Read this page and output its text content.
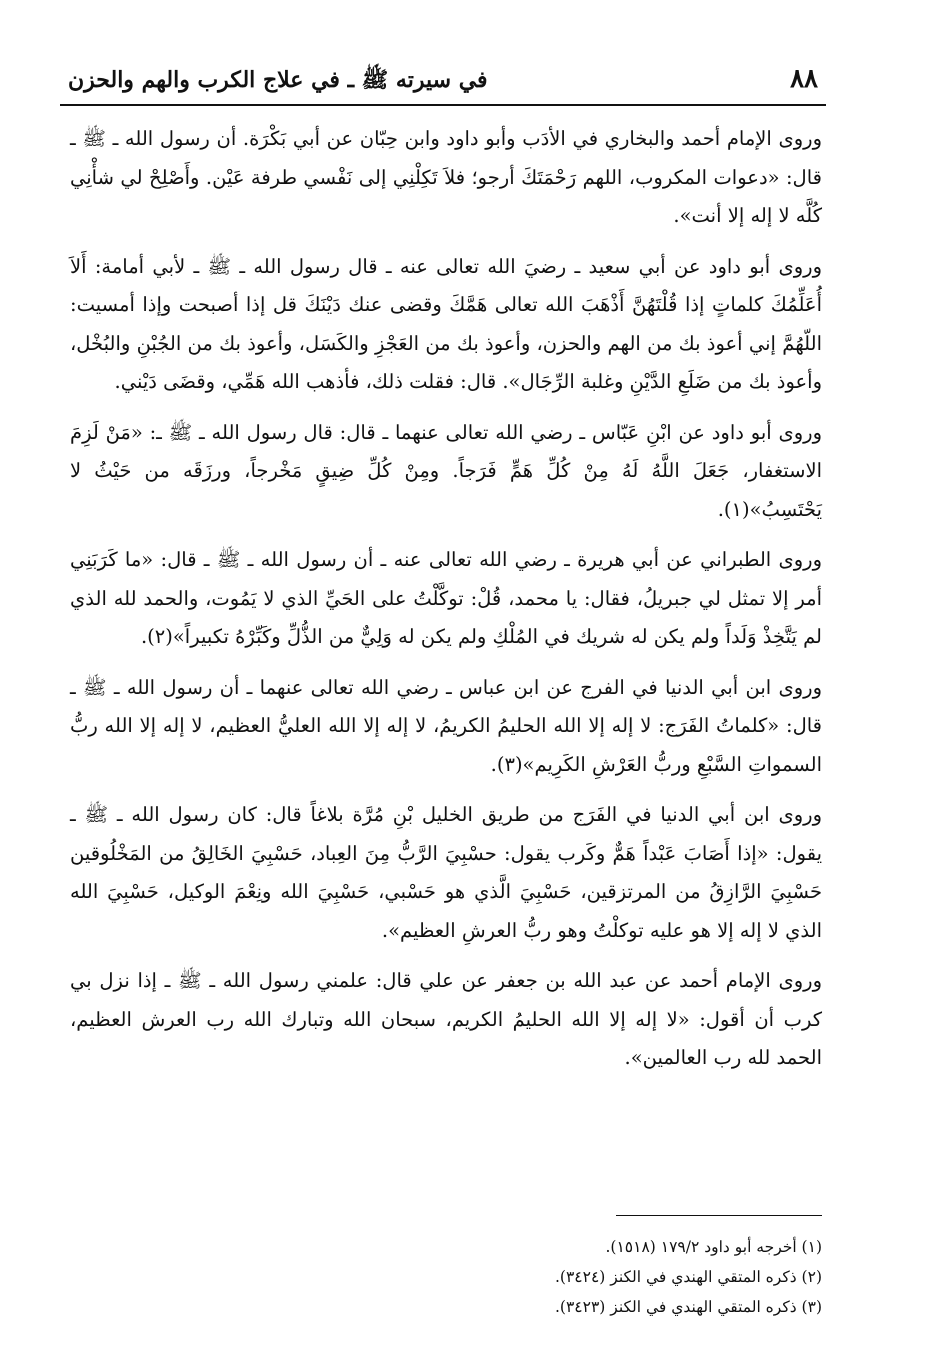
٨٨
في سيرته ﷺ ـ في علاج الكرب والهم والحزن

وروى الإمام أحمد والبخاري في الأدَب وأبو داود وابن حِبّان عن أبي بَكْرَة. أن رسول الله ـ ﷺ ـ قال: «دعوات المكروب، اللهم رَحْمَتَكَ أرجو؛ فلاَ تَكِلْنِي إلى نَفْسي طرفة عَيْن. وأَصْلِحْ لي شأْنِي كُلَّه لا إله إلا أنت».

وروى أبو داود عن أبي سعيد ـ رضيَ الله تعالى عنه ـ قال رسول الله ـ ﷺ ـ لأبي أمامة: أَلاَ أُعَلِّمُكَ كلماتٍ إذا قُلْتَهُنَّ أَذْهَبَ الله تعالى هَمَّكَ وقضى عنك دَيْنَكَ قل إذا أصبحت وإذا أمسيت: اللّهُمَّ إني أعوذ بك من الهم والحزن، وأعوذ بك من العَجْزِ والكَسَل، وأعوذ بك من الجُبْنِ والبُخْل، وأعوذ بك من ضَلَعِ الدَّيْنِ وغلبة الرِّجَال». قال: فقلت ذلك، فأذهب الله هَمِّي، وقضَى دَيْني.

وروى أبو داود عن ابْنِ عَبّاس ـ رضي الله تعالى عنهما ـ قال: قال رسول الله ـ ﷺ ـ: «مَنْ لَزِمَ الاستغفار، جَعَلَ اللَّهُ لَهُ مِنْ كُلِّ هَمٍّ فَرَجاً. ومِنْ كُلِّ ضِيقٍ مَخْرجاً، ورزَقَه من حَيْثُ لا يَحْتَسِبُ»(١).

وروى الطبراني عن أبي هريرة ـ رضي الله تعالى عنه ـ أن رسول الله ـ ﷺ ـ قال: «ما كَرَبَنِي أمر إلا تمثل لي جبريلُ، فقال: يا محمد، قُلْ: توكَّلْتُ على الحَيِّ الذي لا يَمُوت، والحمد لله الذي لم يَتَّخِذْ وَلَداً ولم يكن له شريك في المُلْكِ ولم يكن له وَلِيٌّ من الذُّلِّ وكَبِّرْهُ تكبيراً»(٢).

وروى ابن أبي الدنيا في الفرج عن ابن عباس ـ رضي الله تعالى عنهما ـ أن رسول الله ـ ﷺ ـ قال: «كلماتُ الفَرَج: لا إله إلا الله الحليمُ الكريمُ، لا إله إلا الله العليُّ العظيم، لا إله إلا الله ربُّ السمواتِ السَّبْعِ وربُّ العَرْشِ الكَرِيم»(٣).

وروى ابن أبي الدنيا في الفَرَج من طريق الخليل بْنِ مُرَّة بلاغاً قال: كان رسول الله ـ ﷺ ـ يقول: «إذا أَصَابَ عَبْداً هَمٌّ وكَرب يقول: حسْبِيَ الرَّبُّ مِنَ العِباد، حَسْبِيَ الخَالِقُ من المَخْلُوقين حَسْبِيَ الرَّازِقُ من المرتزقين، حَسْبِيَ الَّذي هو حَسْبي، حَسْبِيَ الله ونِعْمَ الوكيل، حَسْبِيَ الله الذي لا إله إلا هو عليه توكلْتُ وهو ربُّ العرشِ العظيم».

وروى الإمام أحمد عن عبد الله بن جعفر عن علي قال: علمني رسول الله ـ ﷺ ـ إذا نزل بي كرب أن أقول: «لا إله إلا الله الحليمُ الكريم، سبحان الله وتبارك الله رب العرش العظيم، الحمد لله رب العالمين».

(١) أخرجه أبو داود ١٧٩/٢ (١٥١٨).

(٢) ذكره المتقي الهندي في الكنز (٣٤٢٤).

(٣) ذكره المتقي الهندي في الكنز (٣٤٢٣).
